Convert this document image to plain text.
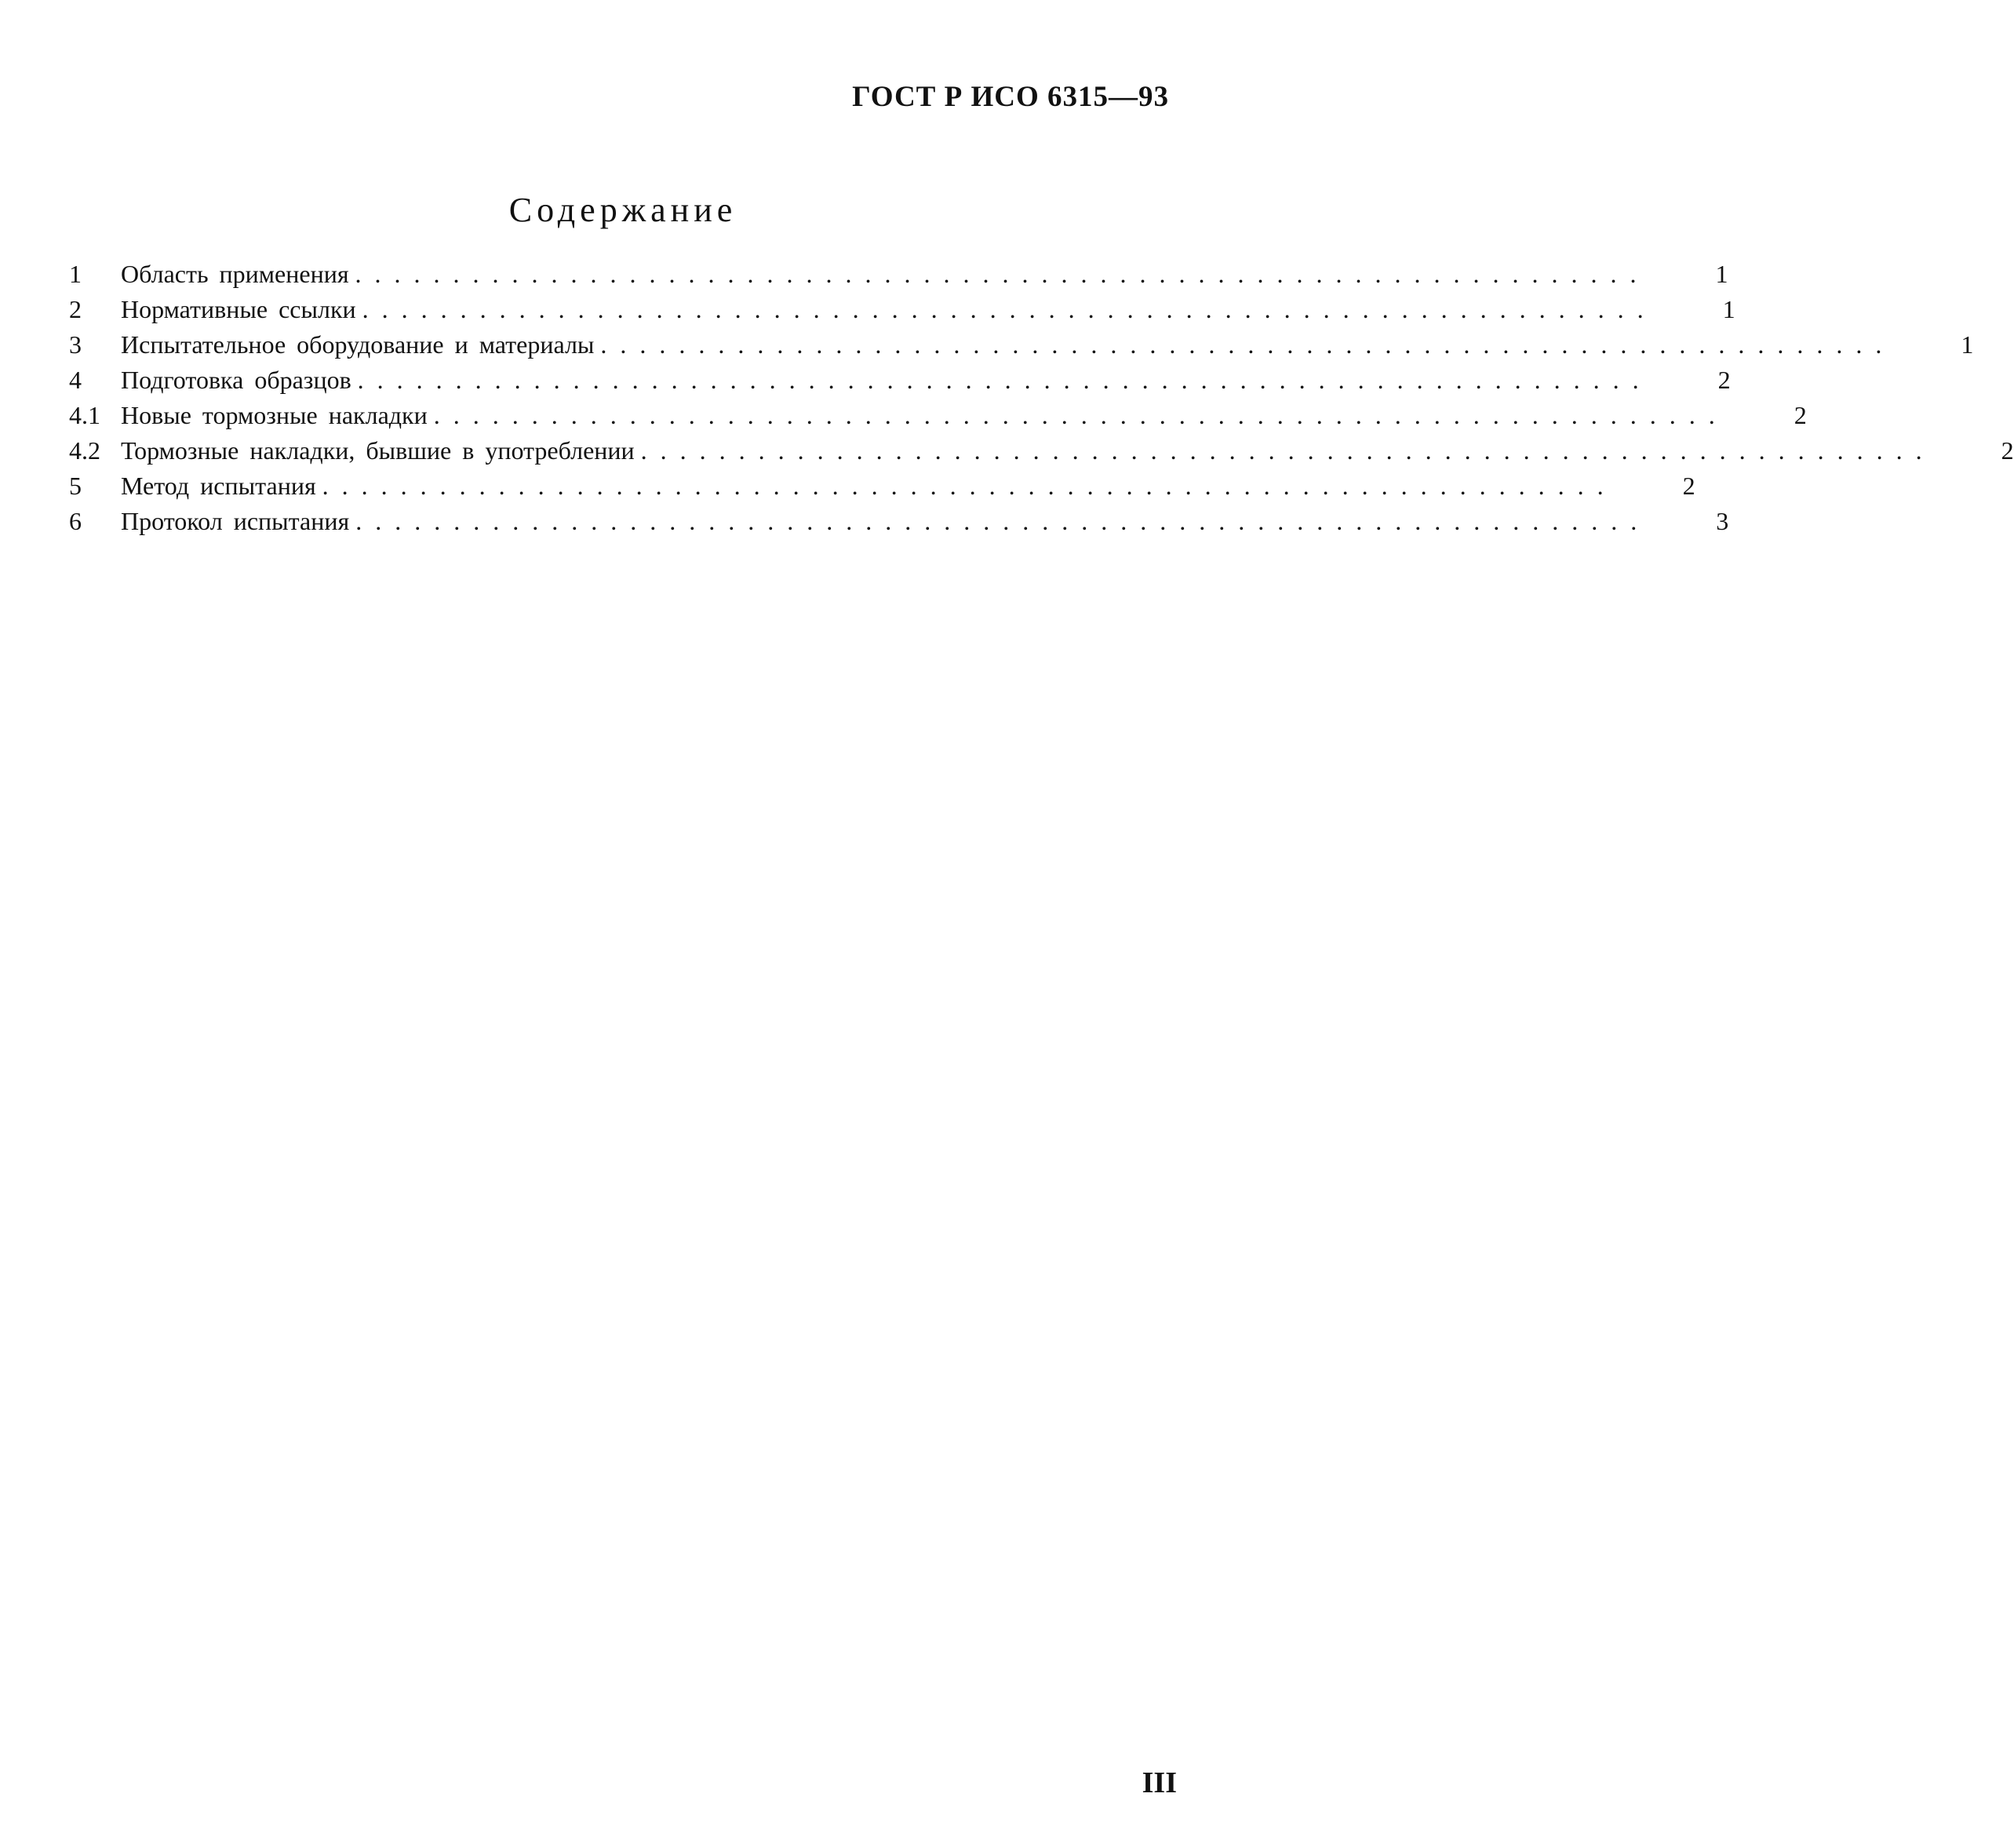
ГОСТ Р ИСО 6315—93
Содержание
1	Область применения ..................................................................	1
2	Нормативные ссылки ..................................................................	1
3	Испытательное оборудование и материалы ..................................................................	1
4	Подготовка образцов ..................................................................	2
4.1 Новые тормозные накладки ..................................................................	2
4.2 Тормозные накладки, бывшие в употреблении ..................................................................	2
5	Метод испытания ..................................................................	2
6	Протокол испытания ..................................................................	3
III
